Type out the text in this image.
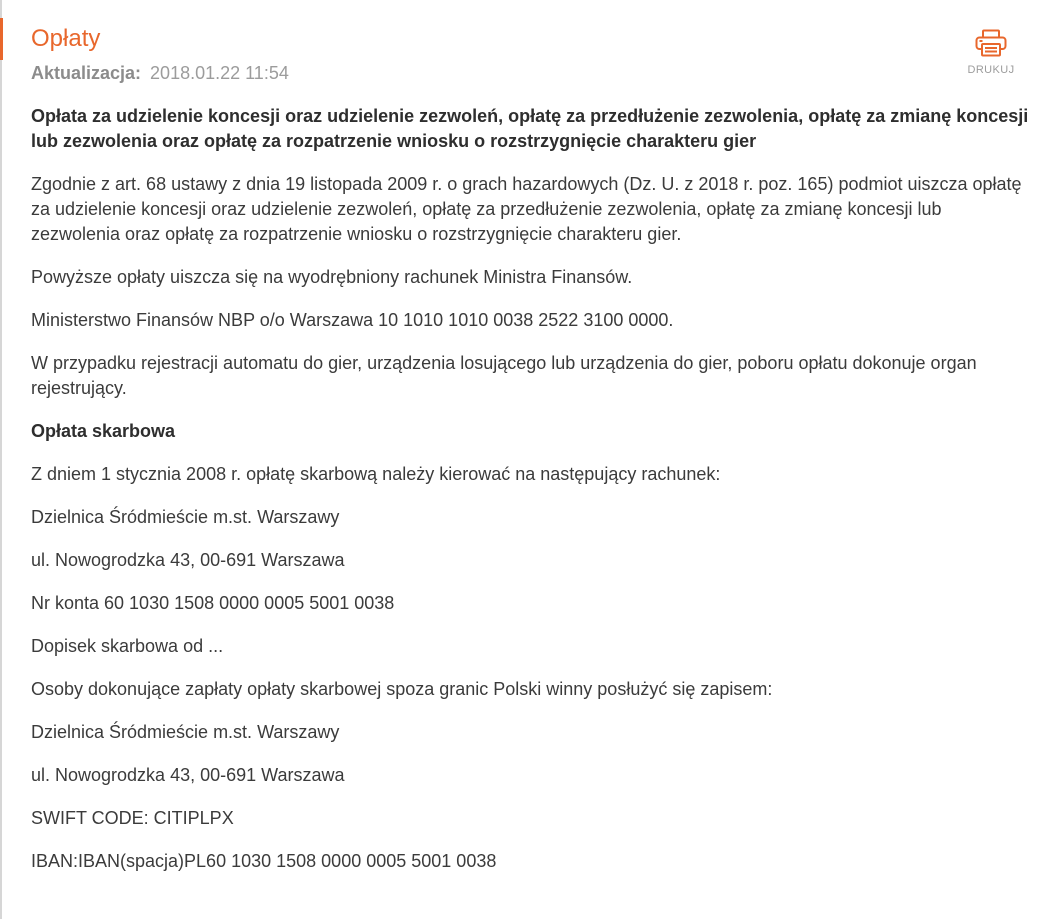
DRUKUJ
Opłaty
Aktualizacja: 2018.01.22 11:54

Opłata za udzielenie koncesji oraz udzielenie zezwoleń, opłatę za przedłużenie zezwolenia, opłatę za zmianę koncesji lub zezwolenia oraz opłatę za rozpatrzenie wniosku o rozstrzygnięcie charakteru gier

Zgodnie z art. 68 ustawy z dnia 19 listopada 2009 r. o grach hazardowych (Dz. U. z 2018 r. poz. 165) podmiot uiszcza opłatę za udzielenie koncesji oraz udzielenie zezwoleń, opłatę za przedłużenie zezwolenia, opłatę za zmianę koncesji lub zezwolenia oraz opłatę za rozpatrzenie wniosku o rozstrzygnięcie charakteru gier.

Powyższe opłaty uiszcza się na wyodrębniony rachunek Ministra Finansów.

Ministerstwo Finansów NBP o/o Warszawa 10 1010 1010 0038 2522 3100 0000.

W przypadku rejestracji automatu do gier, urządzenia losującego lub urządzenia do gier, poboru opłatu dokonuje organ rejestrujący.

Opłata skarbowa

Z dniem 1 stycznia 2008 r. opłatę skarbową należy kierować na następujący rachunek:

Dzielnica Śródmieście m.st. Warszawy

ul. Nowogrodzka 43, 00-691 Warszawa

Nr konta 60 1030 1508 0000 0005 5001 0038

Dopisek skarbowa od ...

Osoby dokonujące zapłaty opłaty skarbowej spoza granic Polski winny posłużyć się zapisem:

Dzielnica Śródmieście m.st. Warszawy

ul. Nowogrodzka 43, 00-691 Warszawa

SWIFT CODE: CITIPLPX

IBAN:IBAN(spacja)PL60 1030 1508 0000 0005 5001 0038
